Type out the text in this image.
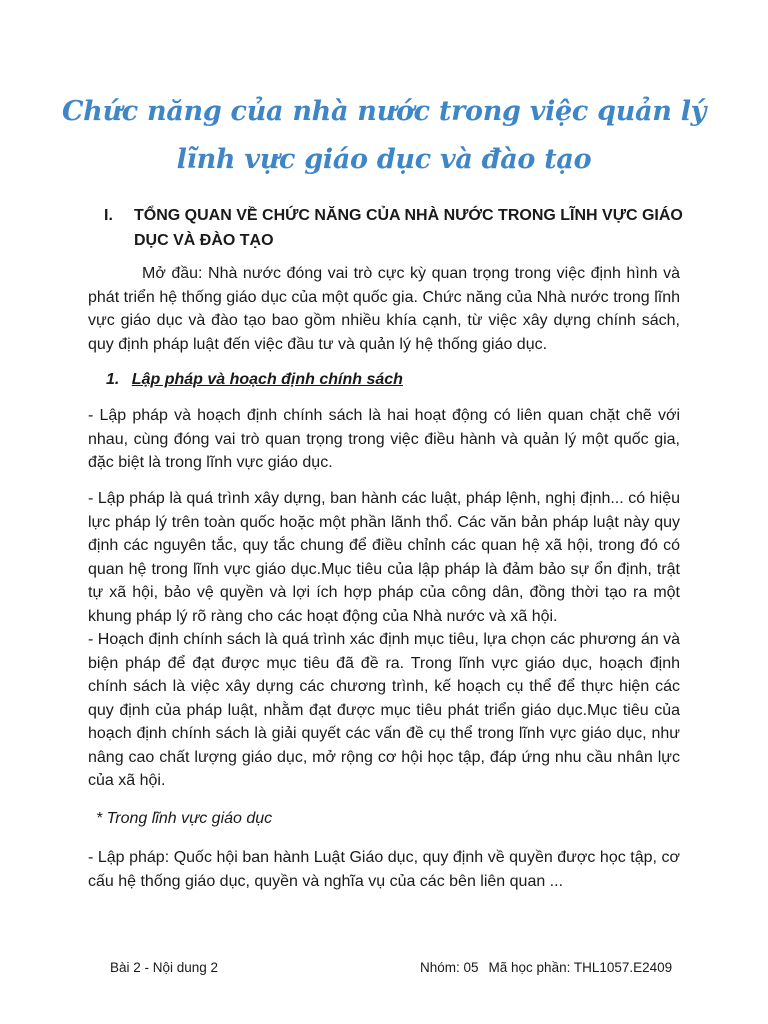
Chức năng của nhà nước trong việc quản lý lĩnh vực giáo dục và đào tạo
I. TỔNG QUAN VỀ CHỨC NĂNG CỦA NHÀ NƯỚC TRONG LĨNH VỰC GIÁO DỤC VÀ ĐÀO TẠO

Mở đầu: Nhà nước đóng vai trò cực kỳ quan trọng trong việc định hình và phát triển hệ thống giáo dục của một quốc gia. Chức năng của Nhà nước trong lĩnh vực giáo dục và đào tạo bao gồm nhiều khía cạnh, từ việc xây dựng chính sách, quy định pháp luật đến việc đầu tư và quản lý hệ thống giáo dục.

1. Lập pháp và hoạch định chính sách

- Lập pháp và hoạch định chính sách là hai hoạt động có liên quan chặt chẽ với nhau, cùng đóng vai trò quan trọng trong việc điều hành và quản lý một quốc gia, đặc biệt là trong lĩnh vực giáo dục.

- Lập pháp là quá trình xây dựng, ban hành các luật, pháp lệnh, nghị định... có hiệu lực pháp lý trên toàn quốc hoặc một phần lãnh thổ. Các văn bản pháp luật này quy định các nguyên tắc, quy tắc chung để điều chỉnh các quan hệ xã hội, trong đó có quan hệ trong lĩnh vực giáo dục.Mục tiêu của lập pháp là đảm bảo sự ổn định, trật tự xã hội, bảo vệ quyền và lợi ích hợp pháp của công dân, đồng thời tạo ra một khung pháp lý rõ ràng cho các hoạt động của Nhà nước và xã hội.

- Hoạch định chính sách là quá trình xác định mục tiêu, lựa chọn các phương án và biện pháp để đạt được mục tiêu đã đề ra. Trong lĩnh vực giáo dục, hoạch định chính sách là việc xây dựng các chương trình, kế hoạch cụ thể để thực hiện các quy định của pháp luật, nhằm đạt được mục tiêu phát triển giáo dục.Mục tiêu của hoạch định chính sách là giải quyết các vấn đề cụ thể trong lĩnh vực giáo dục, như nâng cao chất lượng giáo dục, mở rộng cơ hội học tập, đáp ứng nhu cầu nhân lực của xã hội.

* Trong lĩnh vực giáo dục

- Lập pháp: Quốc hội ban hành Luật Giáo dục, quy định về quyền được học tập, cơ cấu hệ thống giáo dục, quyền và nghĩa vụ của các bên liên quan ...

Bài 2 - Nội dung 2	Nhóm: 05 Mã học phần: THL1057.E2409
